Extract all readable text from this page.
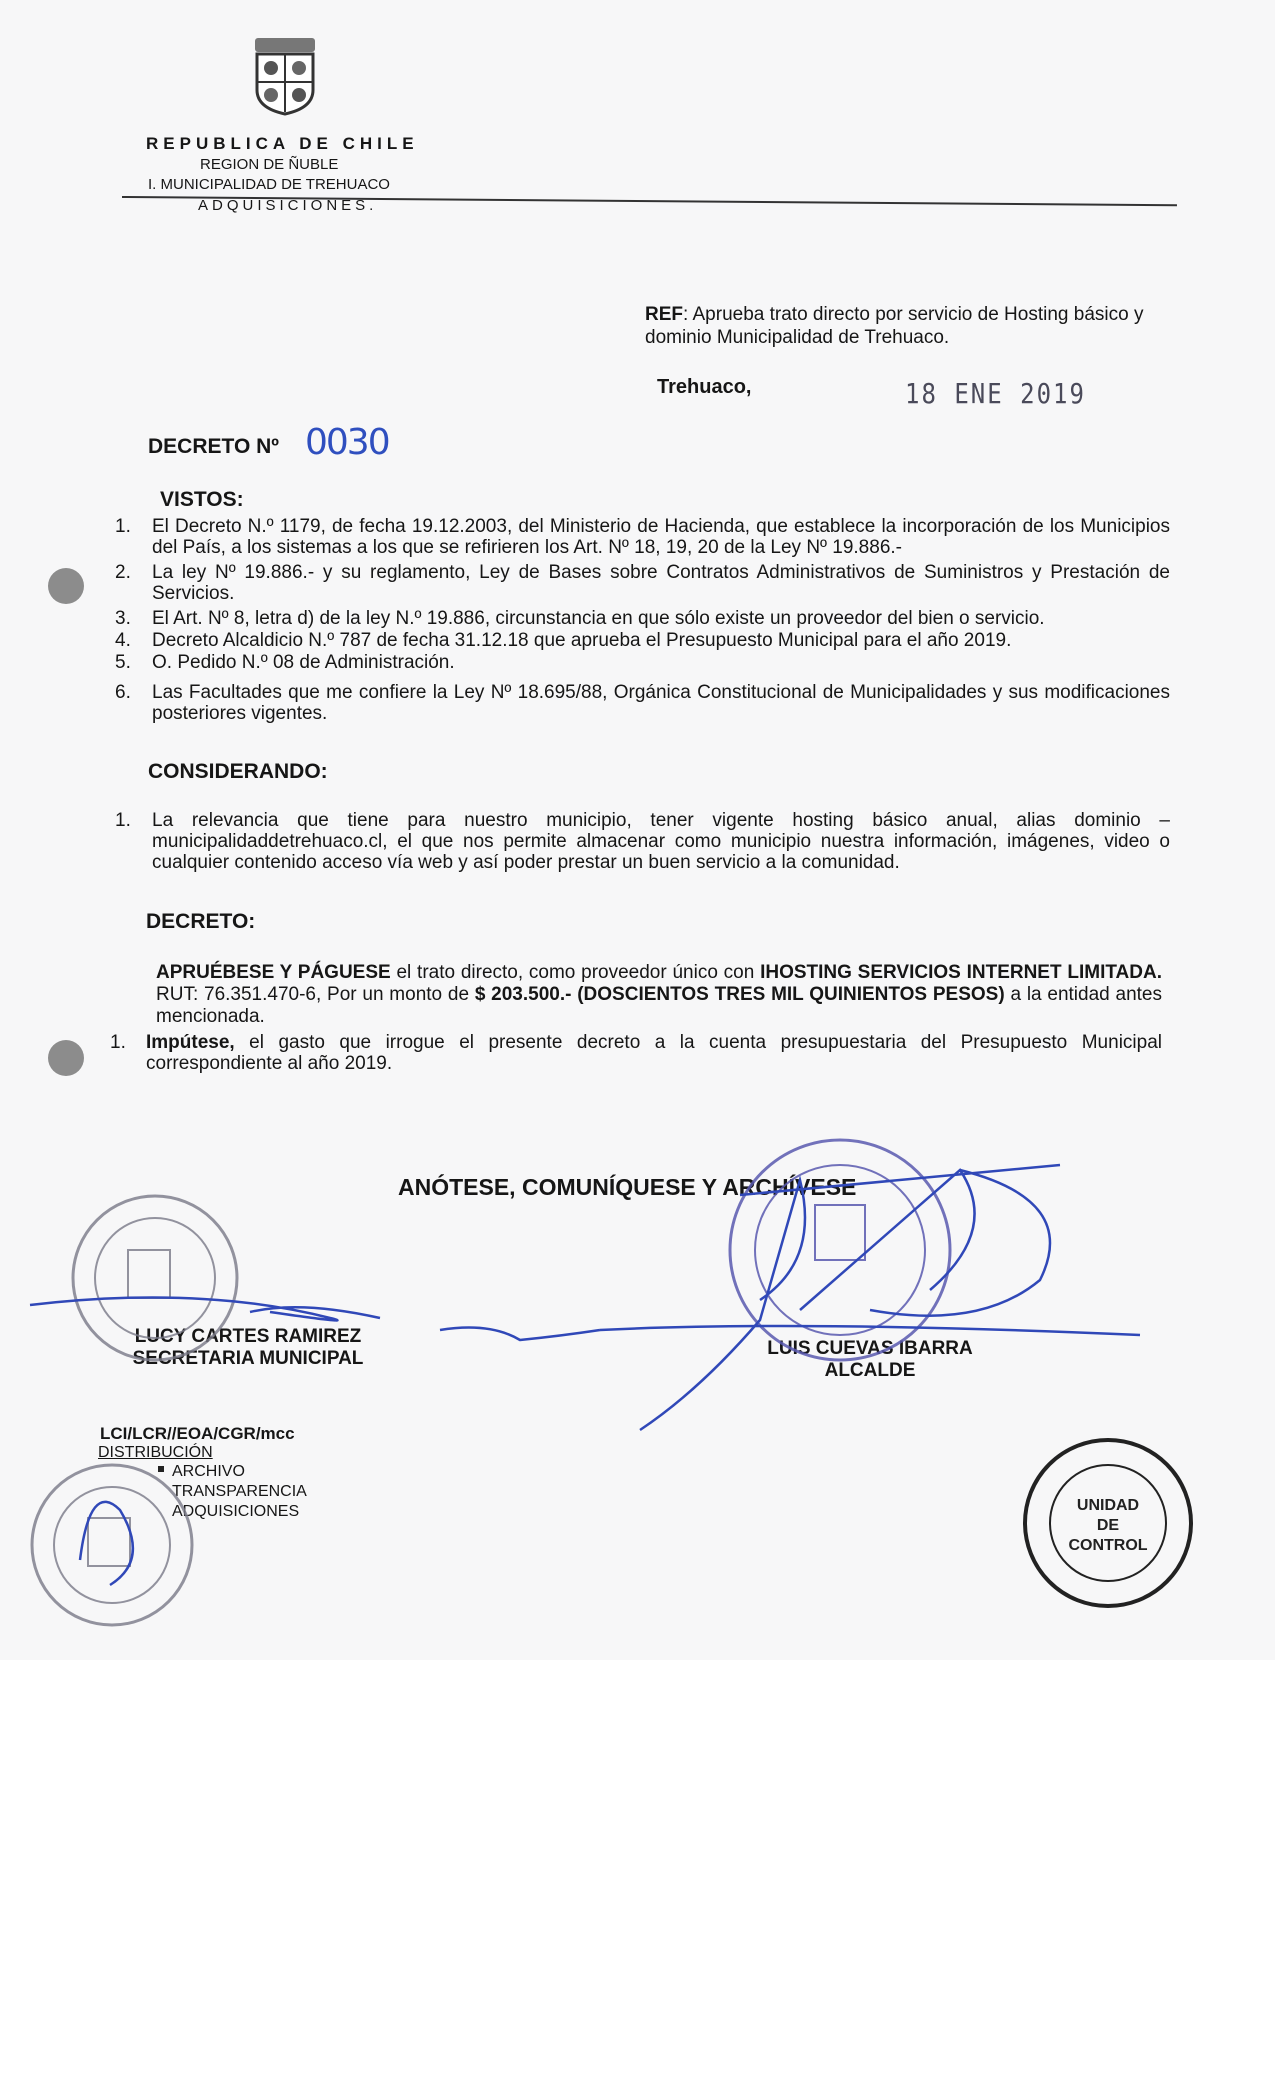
REPUBLICA DE CHILE
REGION DE ÑUBLE
I. MUNICIPALIDAD DE TREHUACO
ADQUISICIONES.
REF: Aprueba trato directo por servicio de Hosting básico y dominio Municipalidad de Trehuaco.
Trehuaco,	18 ENE 2019
DECRETO Nº 0030
VISTOS:
1. El Decreto N.º 1179, de fecha 19.12.2003, del Ministerio de Hacienda, que establece la incorporación de los Municipios del País, a los sistemas a los que se refirieren los Art. Nº 18, 19, 20 de la Ley Nº 19.886.-
2. La ley Nº 19.886.- y su reglamento, Ley de Bases sobre Contratos Administrativos de Suministros y Prestación de Servicios.
3. El Art. Nº 8, letra d) de la ley N.º 19.886, circunstancia en que sólo existe un proveedor del bien o servicio.
4. Decreto Alcaldicio N.º 787 de fecha 31.12.18 que aprueba el Presupuesto Municipal para el año 2019.
5. O. Pedido N.º 08 de Administración.
6. Las Facultades que me confiere la Ley Nº 18.695/88, Orgánica Constitucional de Municipalidades y sus modificaciones posteriores vigentes.
CONSIDERANDO:
1. La relevancia que tiene para nuestro municipio, tener vigente hosting básico anual, alias dominio – municipalidaddetrehuaco.cl, el que nos permite almacenar como municipio nuestra información, imágenes, video o cualquier contenido acceso vía web y así poder prestar un buen servicio a la comunidad.
DECRETO:
APRUÉBESE Y PÁGUESE el trato directo, como proveedor único con IHOSTING SERVICIOS INTERNET LIMITADA. RUT: 76.351.470-6, Por un monto de $ 203.500.- (DOSCIENTOS TRES MIL QUINIENTOS PESOS) a la entidad antes mencionada.
1. Impútese, el gasto que irrogue el presente decreto a la cuenta presupuestaria del Presupuesto Municipal correspondiente al año 2019.
ANÓTESE, COMUNÍQUESE Y ARCHÍVESE
LUCY CARTES RAMIREZ
SECRETARIA MUNICIPAL	LUIS CUEVAS IBARRA
ALCALDE
LCI/LCR//EOA/CGR/mcc
DISTRIBUCIÓN
ARCHIVO
TRANSPARENCIA
ADQUISICIONES	UNIDAD
DE
CONTROL
